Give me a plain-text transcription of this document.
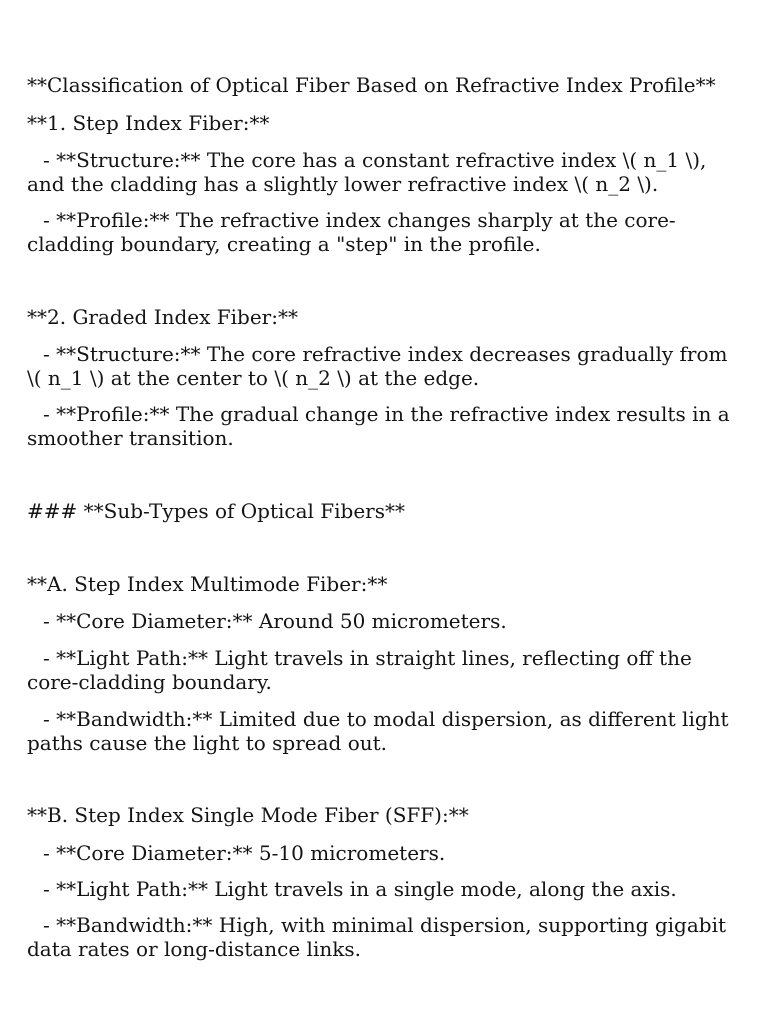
**Classification of Optical Fiber Based on Refractive Index Profile**

**1. Step Index Fiber:**

- **Structure:** The core has a constant refractive index \( n_1 \), and the cladding has a slightly lower refractive index \( n_2 \).

- **Profile:** The refractive index changes sharply at the core-cladding boundary, creating a "step" in the profile.

**2. Graded Index Fiber:**

- **Structure:** The core refractive index decreases gradually from \( n_1 \) at the center to \( n_2 \) at the edge.

- **Profile:** The gradual change in the refractive index results in a smoother transition.

### **Sub-Types of Optical Fibers**

**A. Step Index Multimode Fiber:**

- **Core Diameter:** Around 50 micrometers.

- **Light Path:** Light travels in straight lines, reflecting off the core-cladding boundary.

- **Bandwidth:** Limited due to modal dispersion, as different light paths cause the light to spread out.

**B. Step Index Single Mode Fiber (SFF):**

- **Core Diameter:** 5-10 micrometers.

- **Light Path:** Light travels in a single mode, along the axis.

- **Bandwidth:** High, with minimal dispersion, supporting gigabit data rates or long-distance links.
